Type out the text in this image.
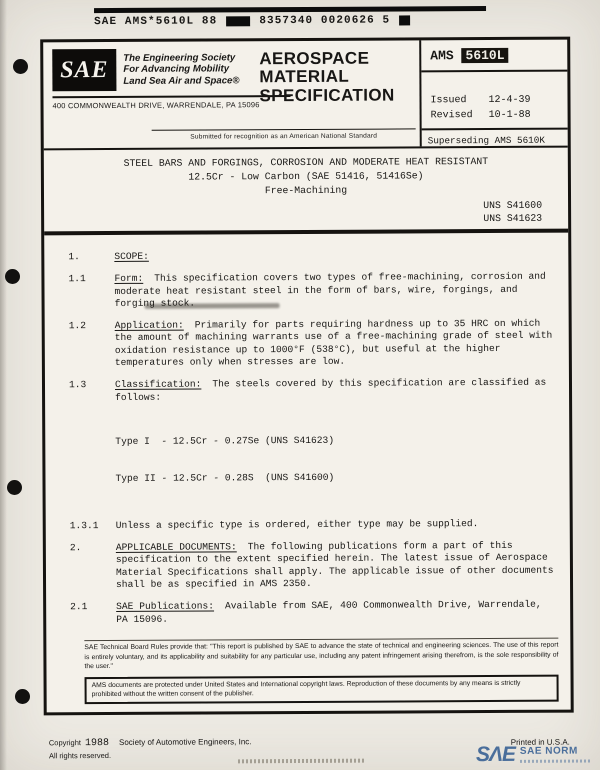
SAE AMS*5610L 88	8357340 0020626 5
SAE	The Engineering Society
For Advancing Mobility
Land Sea Air and Space®
400 COMMONWEALTH DRIVE, WARRENDALE, PA 15096
AEROSPACE
MATERIAL
SPECIFICATION
Submitted for recognition as an American National Standard
AMS 5610L
Issued 12-4-39
Revised 10-1-88
Superseding AMS 5610K
STEEL BARS AND FORGINGS, CORROSION AND MODERATE HEAT RESISTANT
12.5Cr - Low Carbon (SAE 51416, 51416Se)
Free-Machining
UNS S41600
UNS S41623
1.	SCOPE:
1.1	Form: This specification covers two types of free-machining, corrosion and moderate heat resistant steel in the form of bars, wire, forgings, and forging stock.
1.2	Application: Primarily for parts requiring hardness up to 35 HRC on which the amount of machining warrants use of a free-machining grade of steel with oxidation resistance up to 1000°F (538°C), but useful at the higher temperatures only when stresses are low.
1.3	Classification: The steels covered by this specification are classified as follows:

Type I  - 12.5Cr - 0.27Se (UNS S41623)

Type II - 12.5Cr - 0.28S  (UNS S41600)

1.3.1	Unless a specific type is ordered, either type may be supplied.
2.	APPLICABLE DOCUMENTS: The following publications form a part of this specification to the extent specified herein. The latest issue of Aerospace Material Specifications shall apply. The applicable issue of other documents shall be as specified in AMS 2350.
2.1	SAE Publications: Available from SAE, 400 Commonwealth Drive, Warrendale, PA 15096.
SAE Technical Board Rules provide that: "This report is published by SAE to advance the state of technical and engineering sciences. The use of this report is entirely voluntary, and its applicability and suitability for any particular use, including any patent infringement arising therefrom, is the sole responsibility of the user."
AMS documents are protected under United States and International copyright laws. Reproduction of these documents by any means is strictly prohibited without the written consent of the publisher.
Copyright 1988 Society of Automotive Engineers, Inc.
All rights reserved.
Printed in U.S.A.
SΛE SAE NORM
